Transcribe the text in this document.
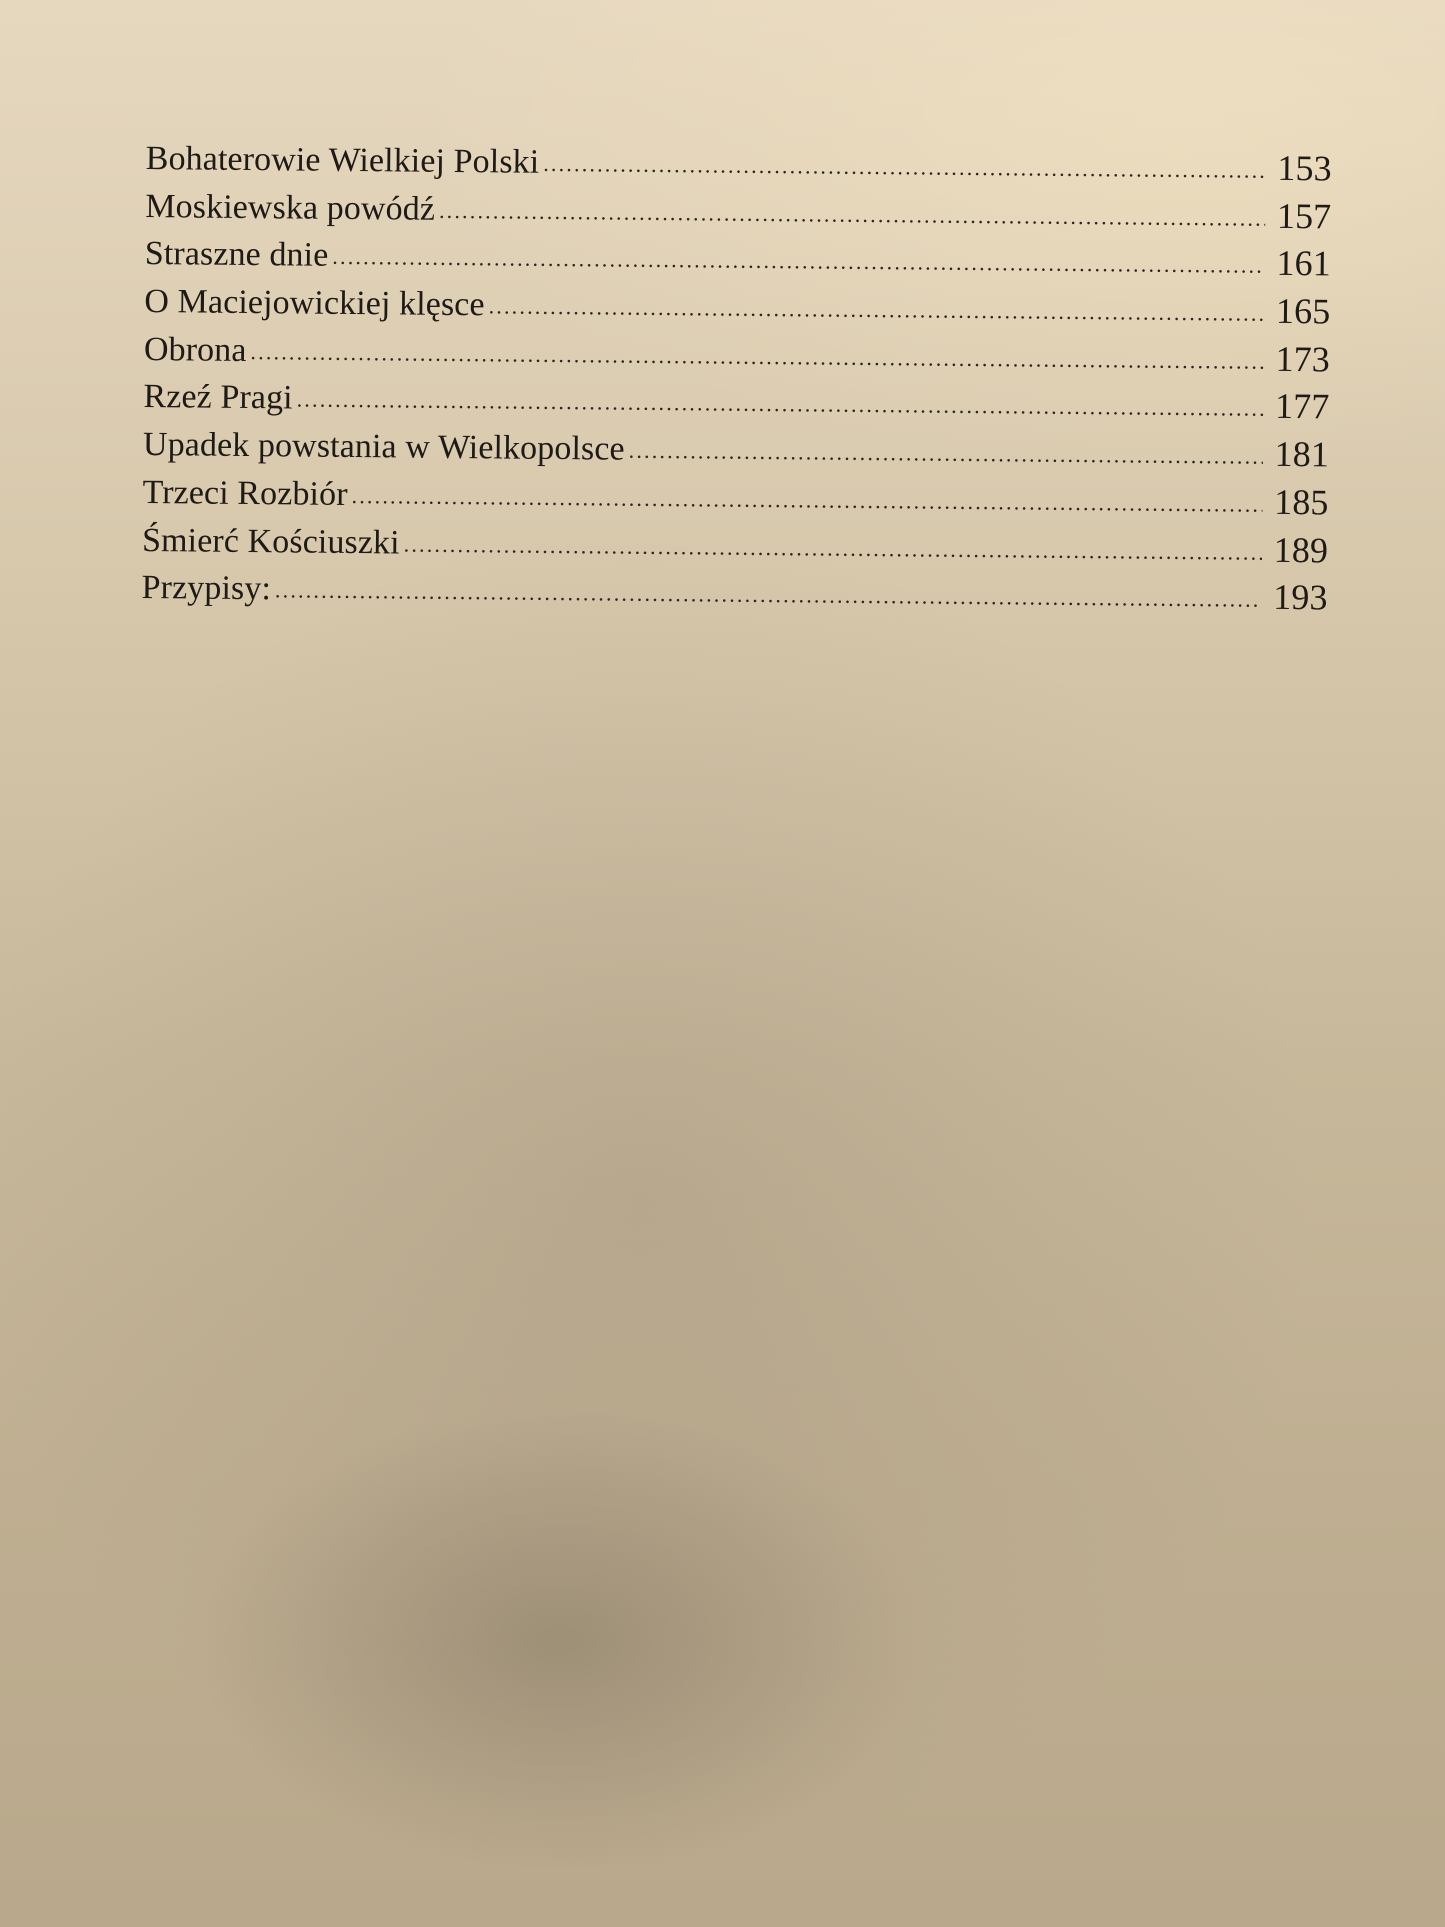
Bohaterowie Wielkiej Polski .....	153
Moskiewska powódź .....	157
Straszne dnie .....	161
O Maciejowickiej klęsce .....	165
Obrona .....	173
Rzeź Pragi .....	177
Upadek powstania w Wielkopolsce .....	181
Trzeci Rozbiór .....	185
Śmierć Kościuszki .....	189
Przypisy: .....	193
